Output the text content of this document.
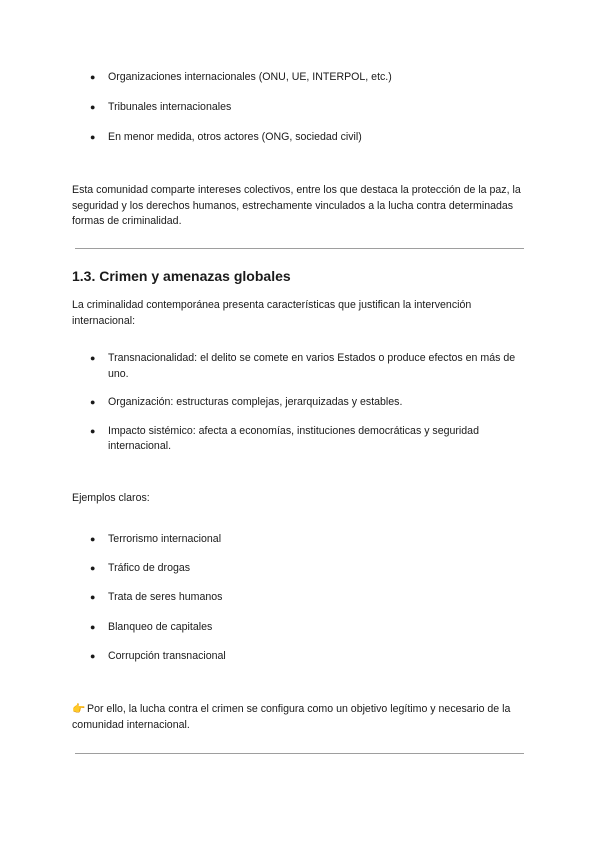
● Organizaciones internacionales (ONU, UE, INTERPOL, etc.)
● Tribunales internacionales
● En menor medida, otros actores (ONG, sociedad civil)

Esta comunidad comparte intereses colectivos, entre los que destaca la protección de la paz, la seguridad y los derechos humanos, estrechamente vinculados a la lucha contra determinadas formas de criminalidad.

1.3. Crimen y amenazas globales

La criminalidad contemporánea presenta características que justifican la intervención internacional:

● Transnacionalidad: el delito se comete en varios Estados o produce efectos en más de uno.
● Organización: estructuras complejas, jerarquizadas y estables.
● Impacto sistémico: afecta a economías, instituciones democráticas y seguridad internacional.

Ejemplos claros:

● Terrorismo internacional
● Tráfico de drogas
● Trata de seres humanos
● Blanqueo de capitales
● Corrupción transnacional

👉 Por ello, la lucha contra el crimen se configura como un objetivo legítimo y necesario de la comunidad internacional.
